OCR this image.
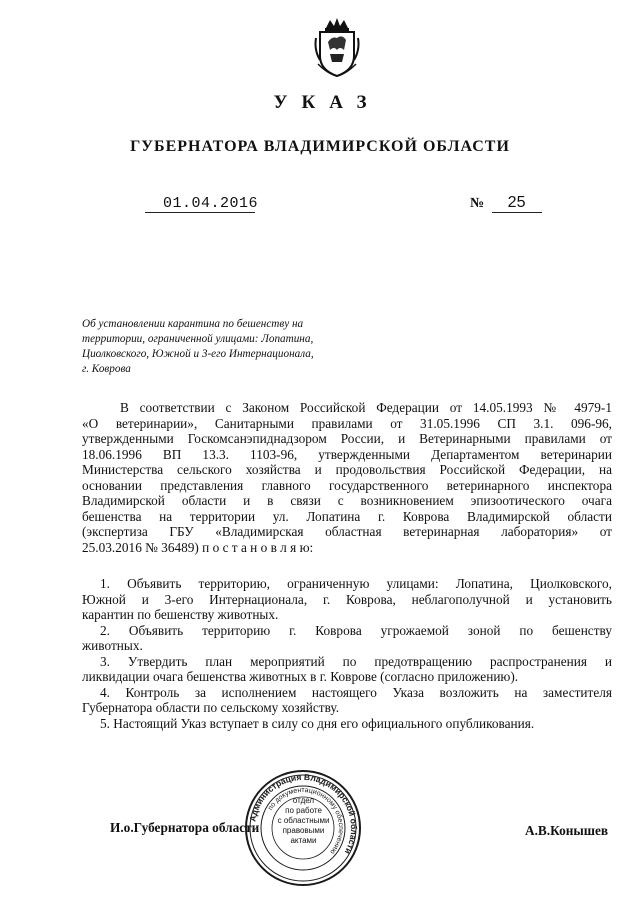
УКАЗ
ГУБЕРНАТОРА ВЛАДИМИРСКОЙ ОБЛАСТИ
01.04.2016	№ 25
Об установлении карантина по бешенству на
территории, ограниченной улицами: Лопатина,
Циолковского, Южной и 3-его Интернационала,
г. Коврова
В соответствии с Законом Российской Федерации от 14.05.1993 № 4979-1
«О ветеринарии», Санитарными правилами от 31.05.1996 СП 3.1. 096-96,
утвержденными Госкомсанэпиднадзором России, и Ветеринарными правилами от
18.06.1996 ВП 13.3. 1103-96, утвержденными Департаментом ветеринарии
Министерства сельского хозяйства и продовольствия Российской Федерации, на
основании представления главного государственного ветеринарного инспектора
Владимирской области и в связи с возникновением эпизоотического очага
бешенства на территории ул. Лопатина г. Коврова Владимирской области
(экспертиза ГБУ «Владимирская областная ветеринарная лаборатория» от
25.03.2016 № 36489) п о с т а н о в л я ю:
1. Объявить территорию, ограниченную улицами: Лопатина, Циолковского,
Южной и 3-его Интернационала, г. Коврова, неблагополучной и установить
карантин по бешенству животных.
2. Объявить территорию г. Коврова угрожаемой зоной по бешенству
животных.
3. Утвердить план мероприятий по предотвращению распространения и
ликвидации очага бешенства животных в г. Коврове (согласно приложению).
4. Контроль за исполнением настоящего Указа возложить на заместителя
Губернатора области по сельскому хозяйству.
5. Настоящий Указ вступает в силу со дня его официального опубликования.
Администрация Владимирской области
по документационному обеспечению
отдел
по работе
с областными
правовыми
актами
И.о.Губернатора области	А.В.Конышев
